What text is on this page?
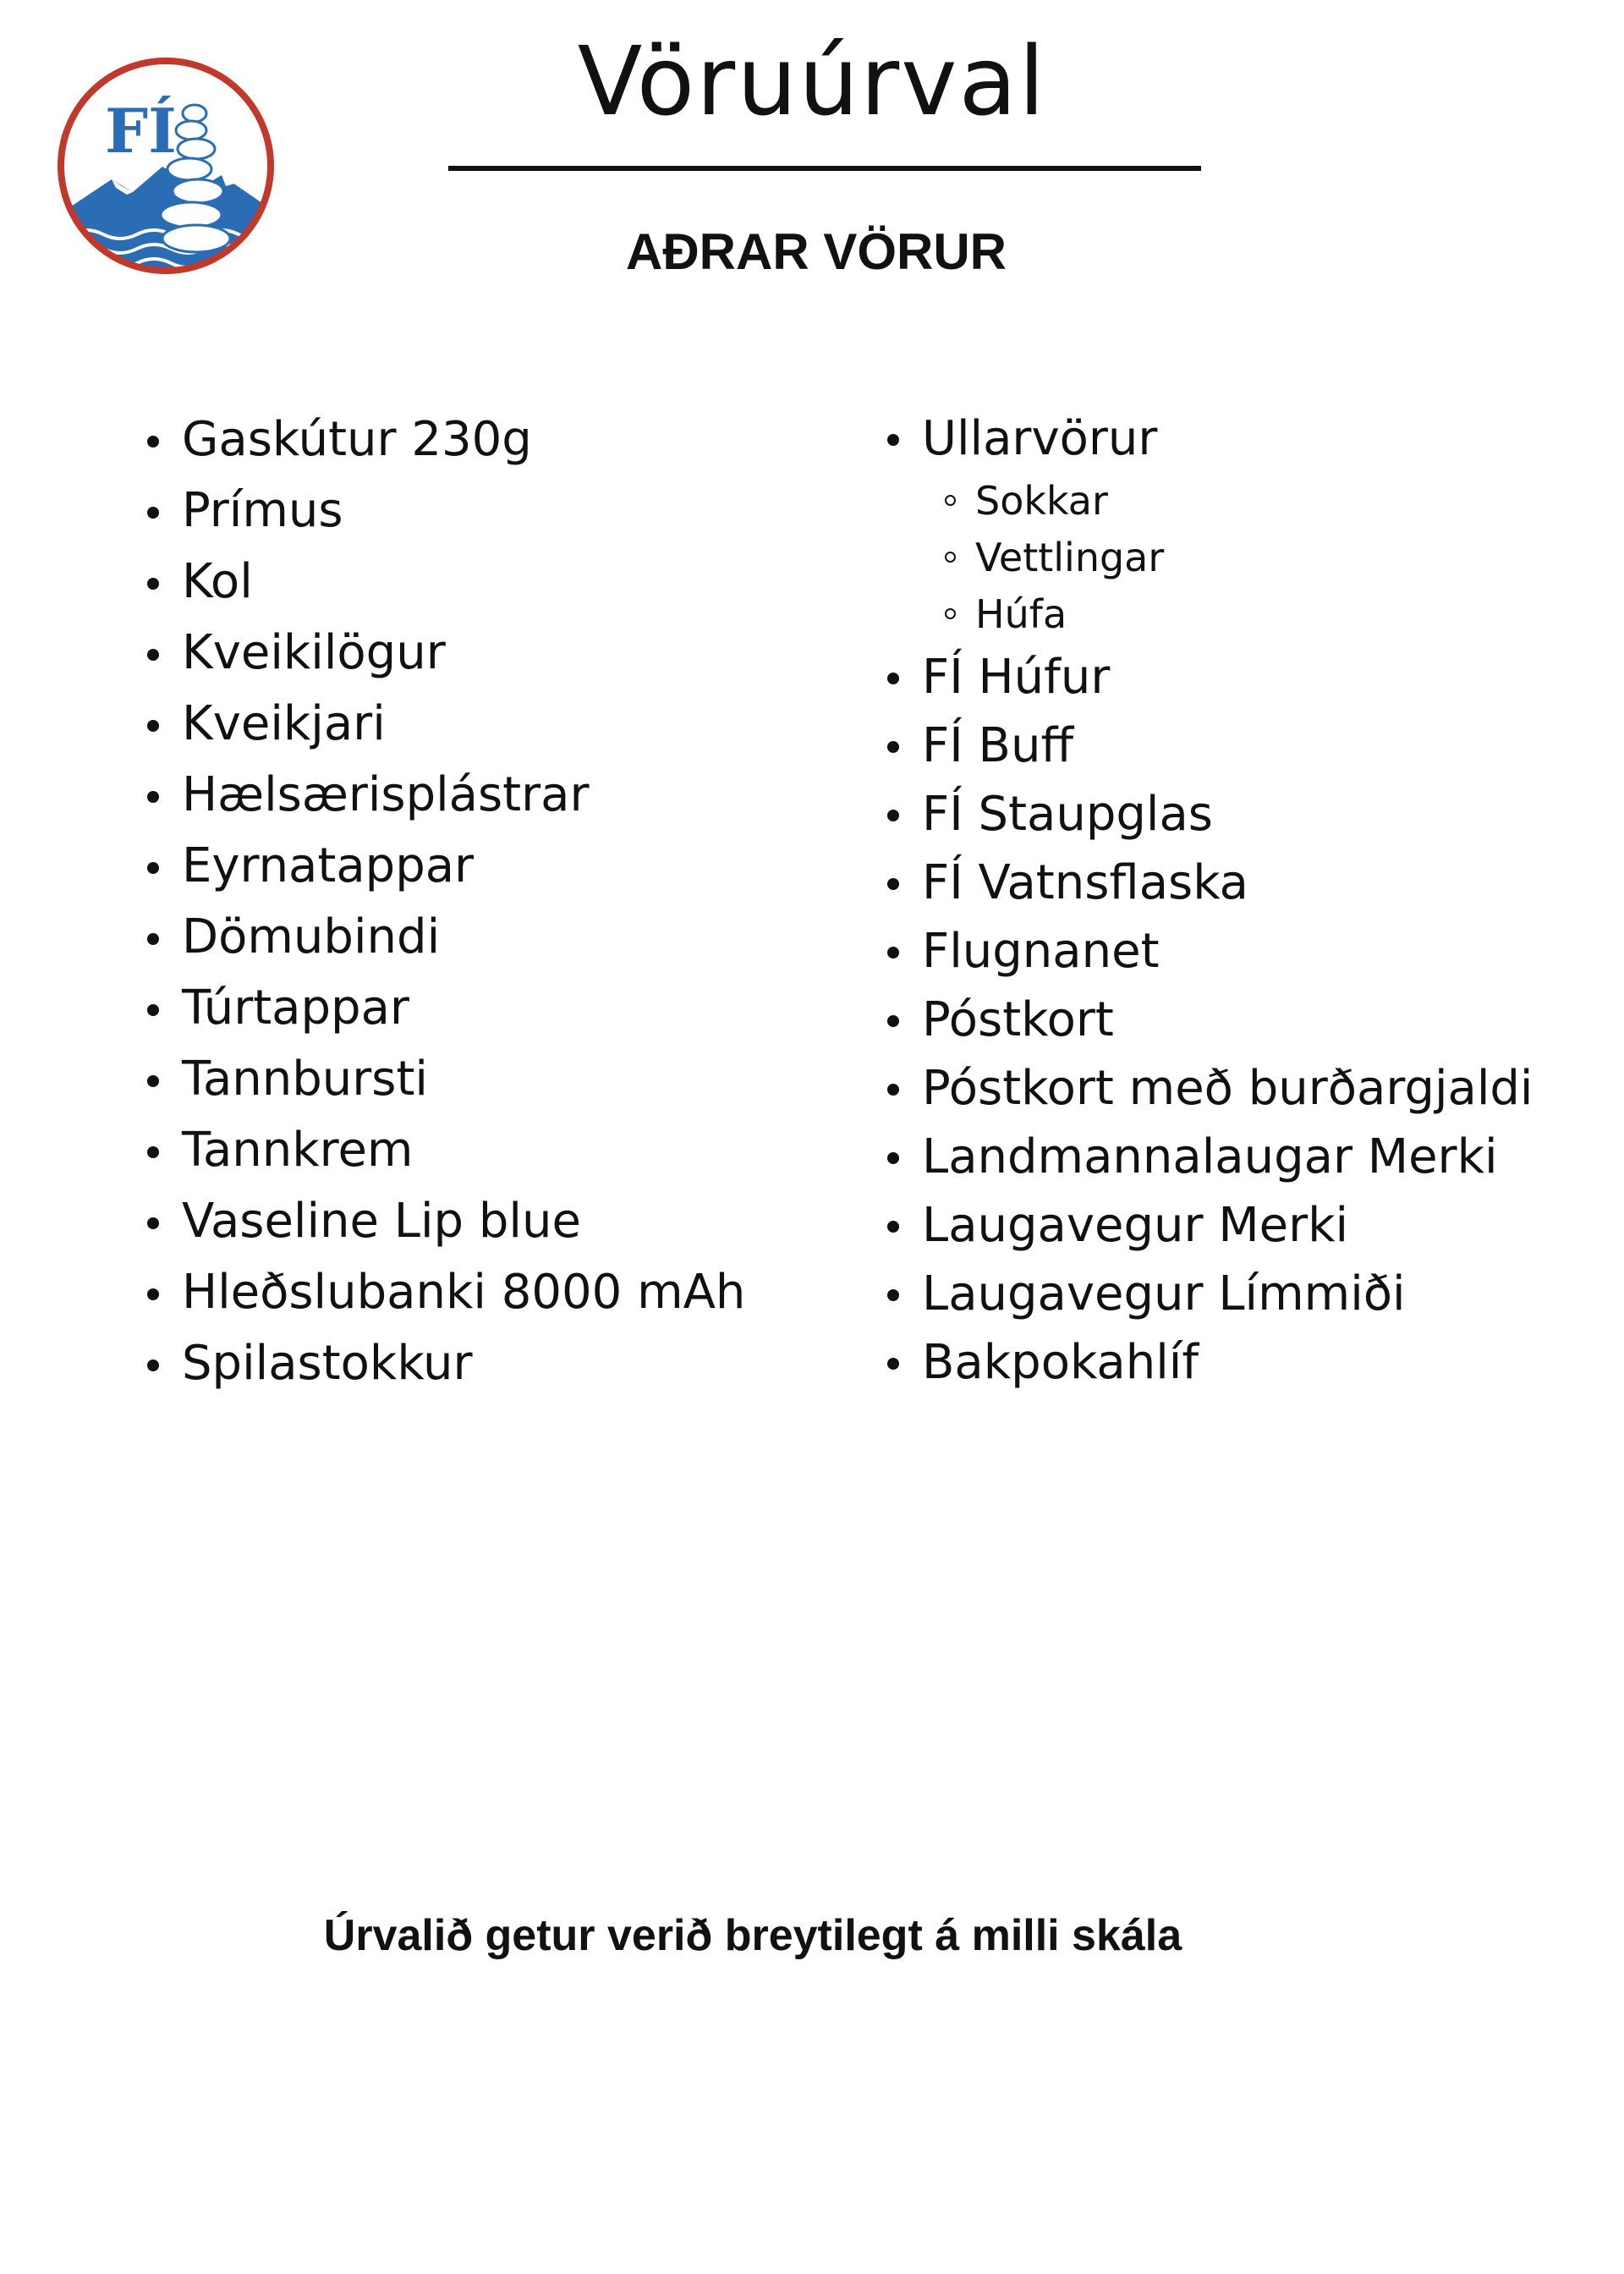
FÍ	Vöruúrval
AÐRAR VÖRUR
Gaskútur 230g
Prímus
Kol
Kveikilögur
Kveikjari
Hælsærisplástrar
Eyrnatappar
Dömubindi
Túrtappar
Tannbursti
Tannkrem
Vaseline Lip blue
Hleðslubanki 8000 mAh
Spilastokkur
Ullarvörur
Sokkar
Vettlingar
Húfa
FÍ Húfur
FÍ Buff
FÍ Staupglas
FÍ Vatnsflaska
Flugnanet
Póstkort
Póstkort með burðargjaldi
Landmannalaugar Merki
Laugavegur Merki
Laugavegur Límmiði
Bakpokahlíf
Úrvalið getur verið breytilegt á milli skála
